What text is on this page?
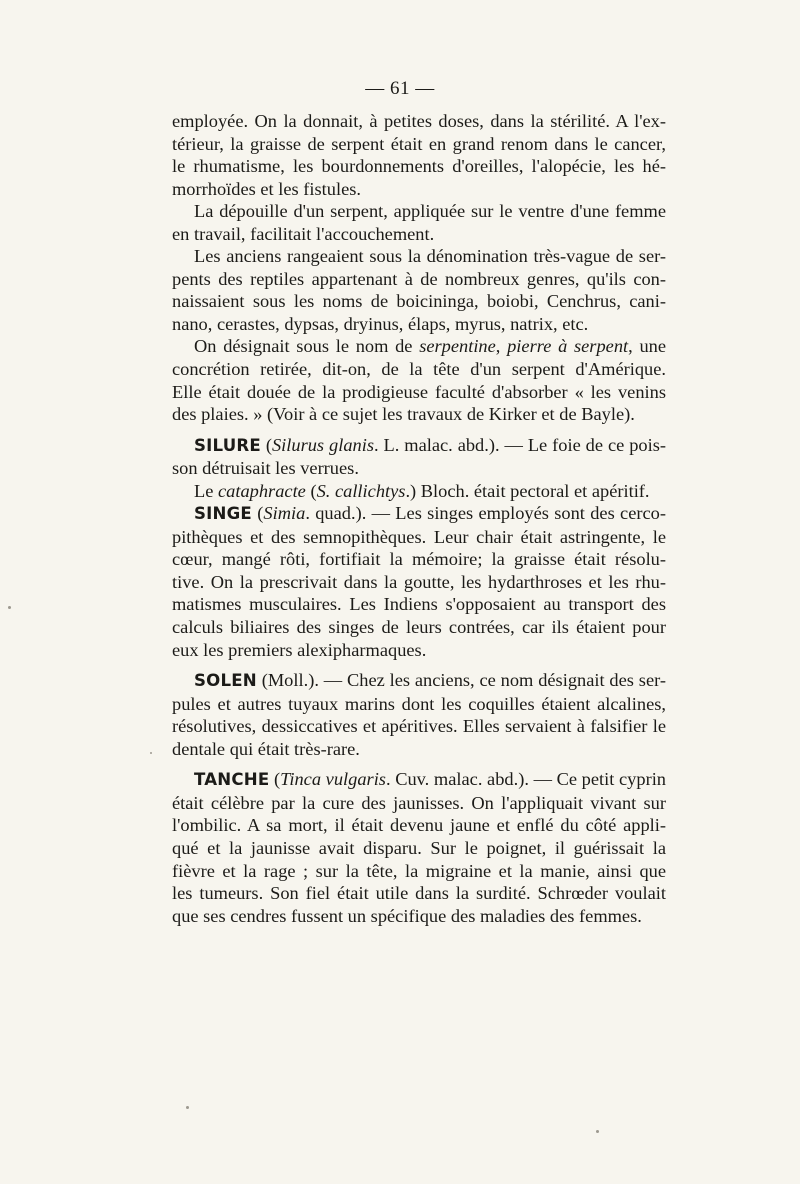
— 61 —
employée. On la donnait, à petites doses, dans la stérilité. A l'ex-
térieur, la graisse de serpent était en grand renom dans le cancer,
le rhumatisme, les bourdonnements d'oreilles, l'alopécie, les hé-
morrhoïdes et les fistules.
La dépouille d'un serpent, appliquée sur le ventre d'une femme
en travail, facilitait l'accouchement.
Les anciens rangeaient sous la dénomination très-vague de ser-
pents des reptiles appartenant à de nombreux genres, qu'ils con-
naissaient sous les noms de boicininga, boiobi, Cenchrus, cani-
nano, cerastes, dypsas, dryinus, élaps, myrus, natrix, etc.
On désignait sous le nom de serpentine, pierre à serpent, une
concrétion retirée, dit-on, de la tête d'un serpent d'Amérique.
Elle était douée de la prodigieuse faculté d'absorber « les venins
des plaies. » (Voir à ce sujet les travaux de Kirker et de Bayle).
SILURE (Silurus glanis. L. malac. abd.). — Le foie de ce pois-
son détruisait les verrues.
Le cataphracte (S. callichtys.) Bloch. était pectoral et apéritif.
SINGE (Simia. quad.). — Les singes employés sont des cerco-
pithèques et des semnopithèques. Leur chair était astringente, le
cœur, mangé rôti, fortifiait la mémoire; la graisse était résolu-
tive. On la prescrivait dans la goutte, les hydarthroses et les rhu-
matismes musculaires. Les Indiens s'opposaient au transport des
calculs biliaires des singes de leurs contrées, car ils étaient pour
eux les premiers alexipharmaques.
SOLEN (Moll.). — Chez les anciens, ce nom désignait des ser-
pules et autres tuyaux marins dont les coquilles étaient alcalines,
résolutives, dessiccatives et apéritives. Elles servaient à falsifier le
dentale qui était très-rare.
TANCHE (Tinca vulgaris. Cuv. malac. abd.). — Ce petit cyprin
était célèbre par la cure des jaunisses. On l'appliquait vivant sur
l'ombilic. A sa mort, il était devenu jaune et enflé du côté appli-
qué et la jaunisse avait disparu. Sur le poignet, il guérissait la
fièvre et la rage ; sur la tête, la migraine et la manie, ainsi que
les tumeurs. Son fiel était utile dans la surdité. Schrœder voulait
que ses cendres fussent un spécifique des maladies des femmes.
